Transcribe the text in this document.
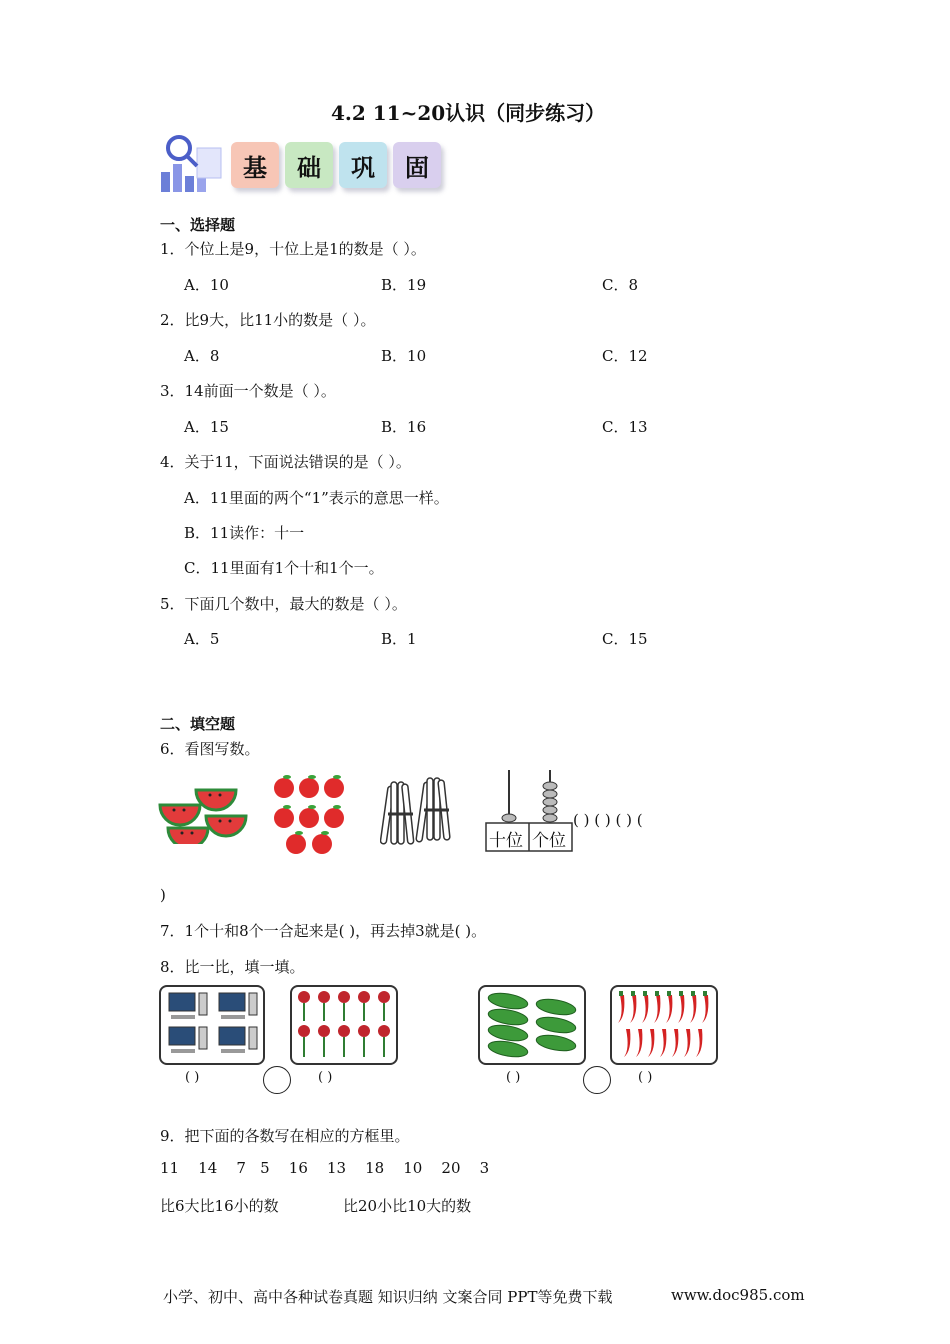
4.2 11~20认识（同步练习）
基	础	巩	固
一、选择题
1．个位上是9，十位上是1的数是（ ）。
A．10	B．19	C．8
2．比9大，比11小的数是（ ）。
A．8	B．10	C．12
3．14前面一个数是（ ）。
A．15	B．16	C．13
4．关于11，下面说法错误的是（ ）。
A．11里面的两个“1”表示的意思一样。
B．11读作：十一
C．11里面有1个十和1个一。
5．下面几个数中，最大的数是（ ）。
A．5	B．1	C．15
二、填空题
6．看图写数。
十位 个位
( ) ( ) ( ) (
)
7．1个十和8个一合起来是( )，再去掉3就是( )。
8．比一比，填一填。
( )	( )	( )	( )
9．把下面的各数写在相应的方框里。
11    14    7   5    16    13    18    10    20    3
比6大比16小的数	比20小比10大的数
小学、初中、高中各种试卷真题 知识归纳 文案合同 PPT等免费下载	www.doc985.com
